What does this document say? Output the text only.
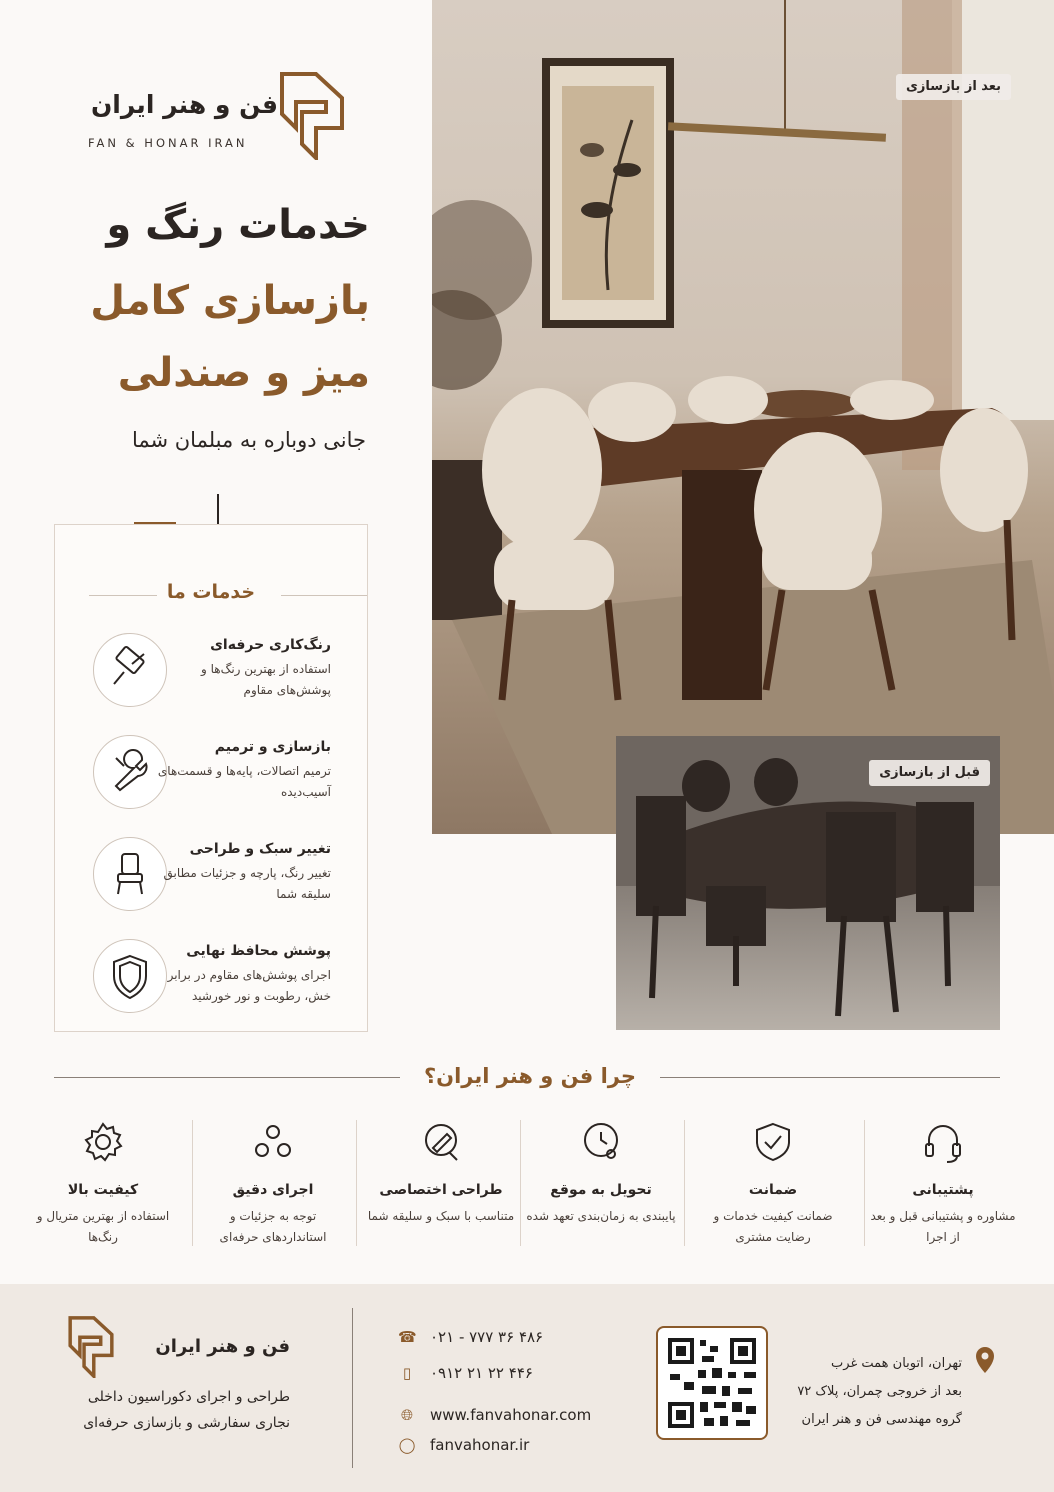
فن و هنر ایران
FAN & HONAR IRAN
خدمات رنگ و
بازسازی کامل
میز و صندلی
جانی دوباره به مبلمان شما
بعد از بازسازی
قبل از بازسازی
خدمات ما
رنگ‌کاری حرفه‌ای
استفاده از بهترین رنگ‌ها و پوشش‌های مقاوم
بازسازی و ترمیم
ترمیم اتصالات، پایه‌ها و قسمت‌های آسیب‌دیده
تغییر سبک و طراحی
تغییر رنگ، پارچه و جزئیات مطابق سلیقه شما
پوشش محافظ نهایی
اجرای پوشش‌های مقاوم در برابر خش، رطوبت و نور خورشید
چرا فن و هنر ایران؟
کیفیت بالا
استفاده از بهترین متریال و رنگ‌ها
اجرای دقیق
توجه به جزئیات و استانداردهای حرفه‌ای
طراحی اختصاصی
متناسب با سبک و سلیقه شما
تحویل به موقع
پایبندی به زمان‌بندی تعهد شده
ضمانت
ضمانت کیفیت خدمات و رضایت مشتری
پشتیبانی
مشاوره و پشتیبانی قبل و بعد از اجرا
فن و هنر ایران
طراحی و اجرای دکوراسیون داخلی نجاری سفارشی و بازسازی حرفه‌ای
☎ ۰۲۱ - ۷۷۷ ۳۶ ۴۸۶
▯ ۰۹۱۲ ۲۱ ۲۲ ۴۴۶
🌐︎ www.fanvahonar.com
◯ fanvahonar.ir
تهران، اتوبان همت غرب
بعد از خروجی چمران، پلاک ۷۲
گروه مهندسی فن و هنر ایران
